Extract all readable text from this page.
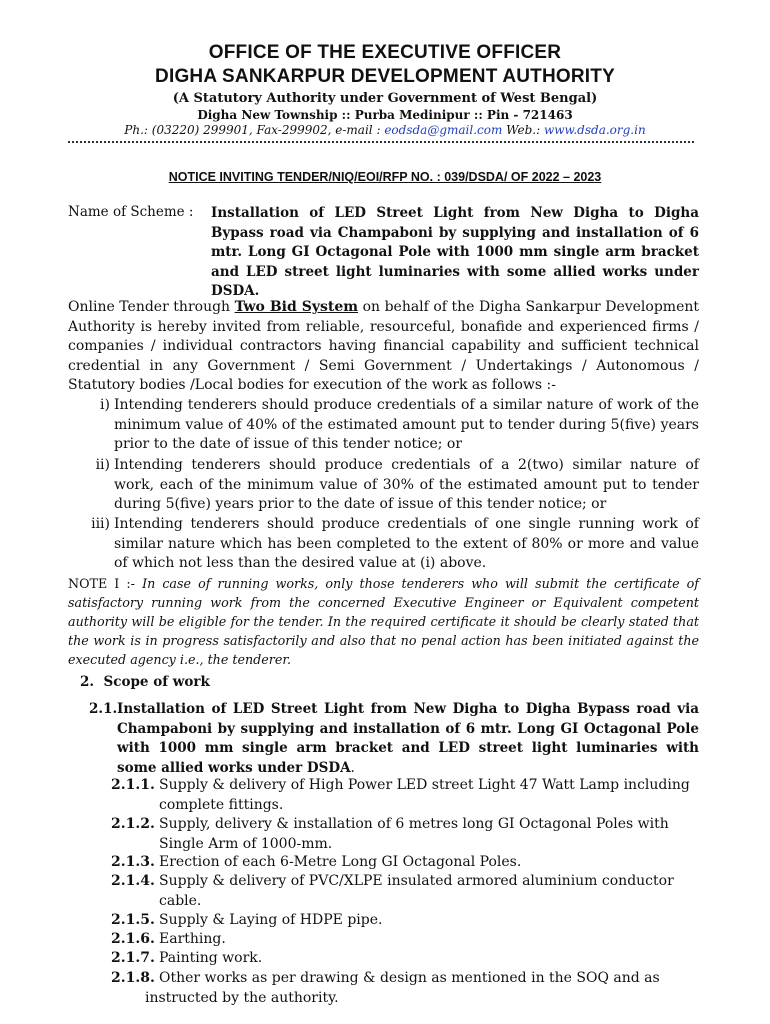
OFFICE OF THE EXECUTIVE OFFICER
DIGHA SANKARPUR DEVELOPMENT AUTHORITY
(A Statutory Authority under Government of West Bengal)
Digha New Township :: Purba Medinipur :: Pin - 721463
Ph.: (03220) 299901, Fax-299902, e-mail : eodsda@gmail.com Web.: www.dsda.org.in
NOTICE INVITING TENDER/NIQ/EOI/RFP NO. : 039/DSDA/ OF 2022 – 2023
Name of Scheme : Installation of LED Street Light from New Digha to Digha Bypass road via Champaboni by supplying and installation of 6 mtr. Long GI Octagonal Pole with 1000 mm single arm bracket and LED street light luminaries with some allied works under DSDA.
Online Tender through Two Bid System on behalf of the Digha Sankarpur Development Authority is hereby invited from reliable, resourceful, bonafide and experienced firms / companies / individual contractors having financial capability and sufficient technical credential in any Government / Semi Government / Undertakings / Autonomous / Statutory bodies /Local bodies for execution of the work as follows :-
i) Intending tenderers should produce credentials of a similar nature of work of the minimum value of 40% of the estimated amount put to tender during 5(five) years prior to the date of issue of this tender notice; or
ii) Intending tenderers should produce credentials of a 2(two) similar nature of work, each of the minimum value of 30% of the estimated amount put to tender during 5(five) years prior to the date of issue of this tender notice; or
iii) Intending tenderers should produce credentials of one single running work of similar nature which has been completed to the extent of 80% or more and value of which not less than the desired value at (i) above.
NOTE I :- In case of running works, only those tenderers who will submit the certificate of satisfactory running work from the concerned Executive Engineer or Equivalent competent authority will be eligible for the tender. In the required certificate it should be clearly stated that the work is in progress satisfactorily and also that no penal action has been initiated against the executed agency i.e., the tenderer.
2. Scope of work
2.1. Installation of LED Street Light from New Digha to Digha Bypass road via Champaboni by supplying and installation of 6 mtr. Long GI Octagonal Pole with 1000 mm single arm bracket and LED street light luminaries with some allied works under DSDA.
2.1.1. Supply & delivery of High Power LED street Light 47 Watt Lamp including complete fittings.
2.1.2. Supply, delivery & installation of 6 metres long GI Octagonal Poles with Single Arm of 1000-mm.
2.1.3. Erection of each 6-Metre Long GI Octagonal Poles.
2.1.4. Supply & delivery of PVC/XLPE insulated armored aluminium conductor cable.
2.1.5. Supply & Laying of HDPE pipe.
2.1.6. Earthing.
2.1.7. Painting work.
2.1.8. Other works as per drawing & design as mentioned in the SOQ and as
instructed by the authority.
